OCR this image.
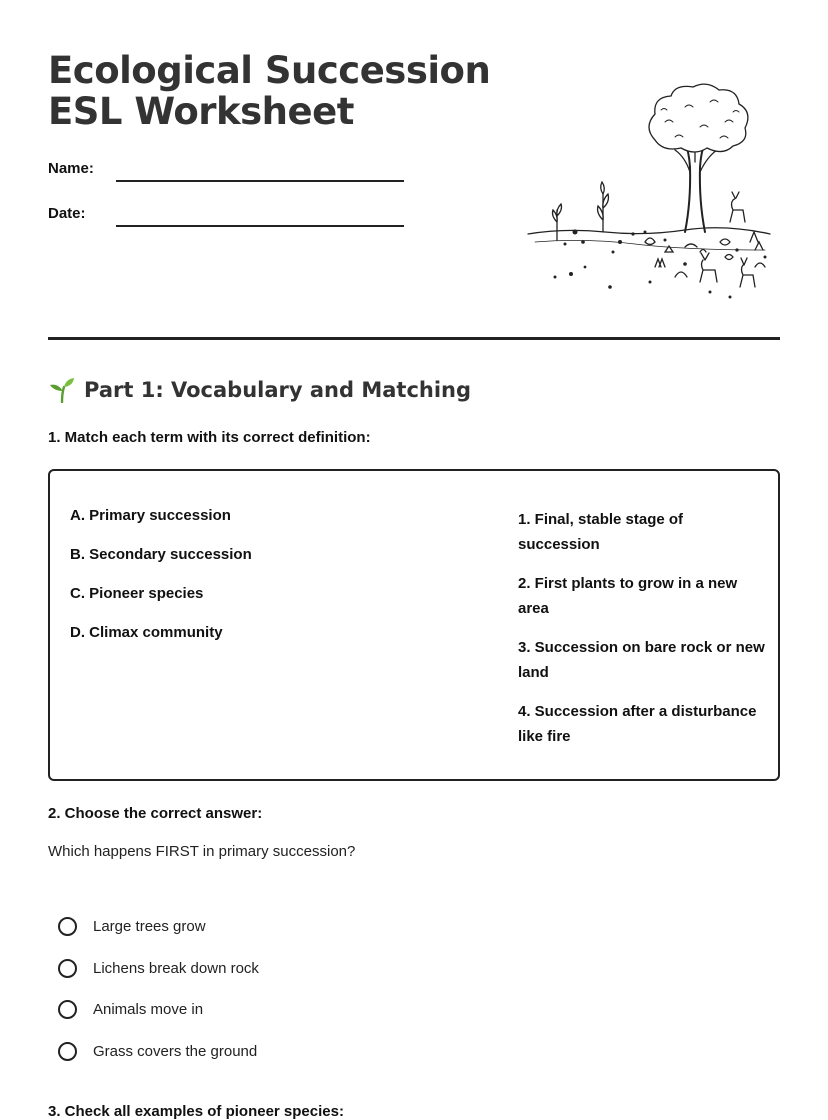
Ecological Succession
ESL Worksheet
Name:
Date:
Part 1: Vocabulary and Matching
1. Match each term with its correct definition:
A. Primary succession
B. Secondary succession
C. Pioneer species
D. Climax community
1. Final, stable stage of succession
2. First plants to grow in a new area
3. Succession on bare rock or new land
4. Succession after a disturbance like fire
2. Choose the correct answer:
Which happens FIRST in primary succession?
Large trees grow
Lichens break down rock
Animals move in
Grass covers the ground
3. Check all examples of pioneer species:
